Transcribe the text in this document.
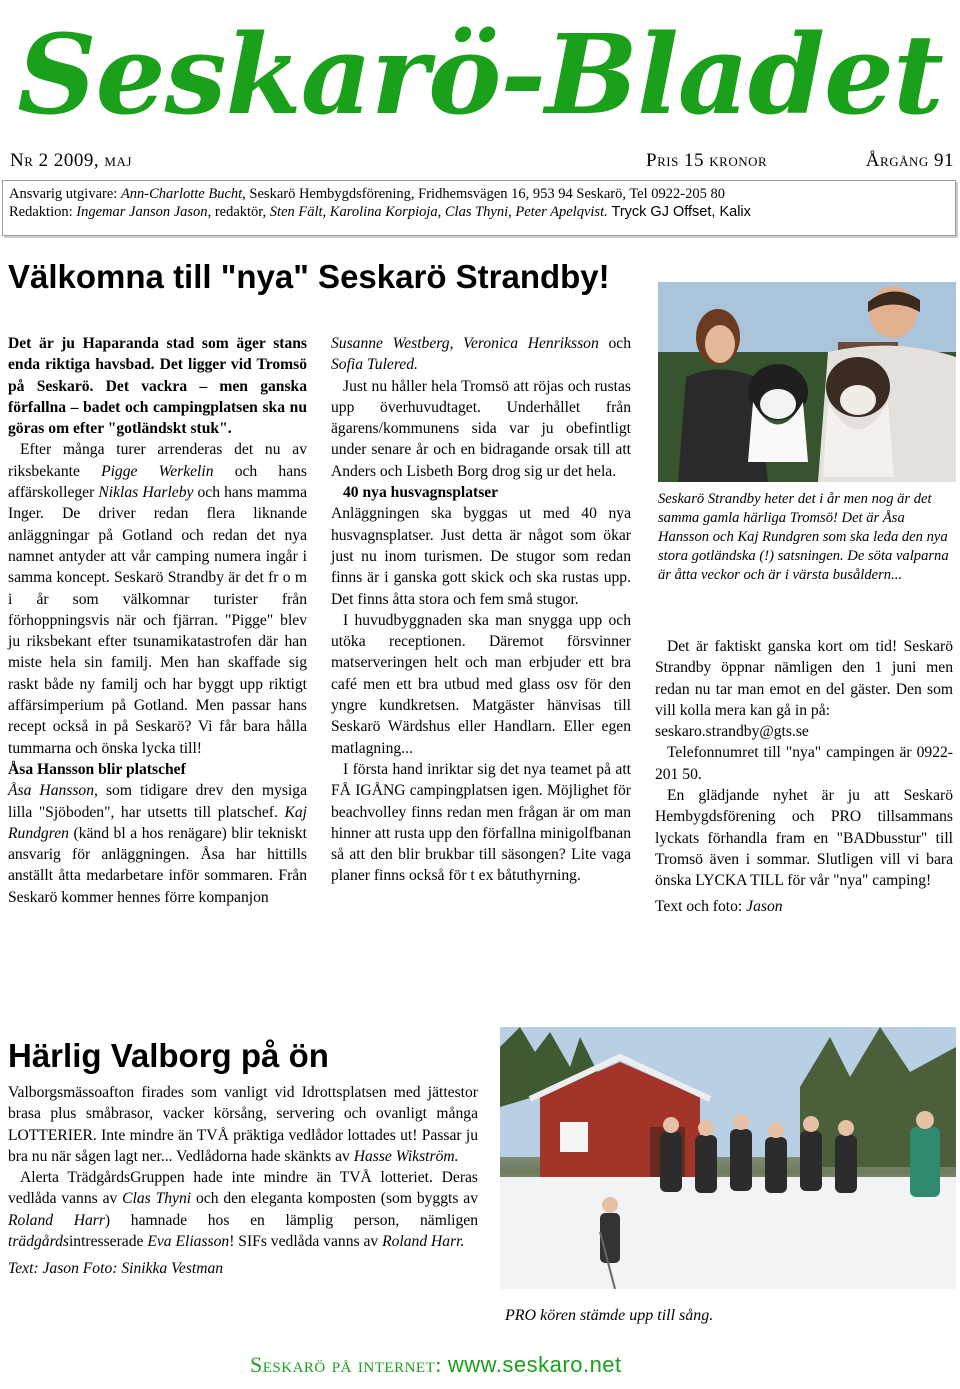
Seskarö-Bladet
Nr 2 2009, maj	Pris 15 kronor	Årgång 91
Ansvarig utgivare: Ann-Charlotte Bucht, Seskarö Hembygdsförening, Fridhemsvägen 16, 953 94 Seskarö, Tel 0922-205 80
Redaktion: Ingemar Janson Jason, redaktör, Sten Fält, Karolina Korpioja, Clas Thyni, Peter Apelqvist. Tryck GJ Offset, Kalix
Välkomna till "nya" Seskarö Strandby!

Det är ju Haparanda stad som äger stans enda riktiga havsbad. Det ligger vid Tromsö på Seskarö. Det vackra – men ganska förfallna – badet och campingplatsen ska nu göras om efter "gotländskt stuk".

Efter många turer arrenderas det nu av riksbekante Pigge Werkelin och hans affärskolleger Niklas Harleby och hans mamma Inger. De driver redan flera liknande anläggningar på Gotland och redan det nya namnet antyder att vår camping numera ingår i samma koncept. Seskarö Strandby är det fr o m i år som välkomnar turister från förhoppningsvis när och fjärran. "Pigge" blev ju riksbekant efter tsunamikatastrofen där han miste hela sin familj. Men han skaffade sig raskt både ny familj och har byggt upp riktigt affärsimperium på Gotland. Men passar hans recept också in på Seskarö? Vi får bara hålla tummarna och önska lycka till!

Åsa Hansson blir platschef

Åsa Hansson, som tidigare drev den mysiga lilla "Sjöboden", har utsetts till platschef. Kaj Rundgren (känd bl a hos renägare) blir tekniskt ansvarig för anläggningen. Åsa har hittills anställt åtta medarbetare inför sommaren. Från Seskarö kommer hennes förre kompanjon

Susanne Westberg, Veronica Henriksson och Sofia Tulered.

Just nu håller hela Tromsö att röjas och rustas upp överhuvudtaget. Underhållet från ägarens/kommunens sida var ju obefintligt under senare år och en bidragande orsak till att Anders och Lisbeth Borg drog sig ur det hela.

40 nya husvagnsplatser

Anläggningen ska byggas ut med 40 nya husvagnsplatser. Just detta är något som ökar just nu inom turismen. De stugor som redan finns är i ganska gott skick och ska rustas upp. Det finns åtta stora och fem små stugor.

I huvudbyggnaden ska man snygga upp och utöka receptionen. Däremot försvinner matserveringen helt och man erbjuder ett bra café men ett bra utbud med glass osv för den yngre kundkretsen. Matgäster hänvisas till Seskarö Wärdshus eller Handlarn. Eller egen matlagning...

I första hand inriktar sig det nya teamet på att FÅ IGÅNG campingplatsen igen. Möjlighet för beachvolley finns redan men frågan är om man hinner att rusta upp den förfallna minigolfbanan så att den blir brukbar till säsongen? Lite vaga planer finns också för t ex båtuthyrning.

Seskarö Strandby heter det i år men nog är det samma gamla härliga Tromsö! Det är Åsa Hansson och Kaj Rundgren som ska leda den nya stora gotländska (!) satsningen. De söta valparna är åtta veckor och är i värsta busåldern...

Det är faktiskt ganska kort om tid! Seskarö Strandby öppnar nämligen den 1 juni men redan nu tar man emot en del gäster. Den som vill kolla mera kan gå in på:

seskaro.strandby@gts.se

Telefonnumret till "nya" campingen är 0922-201 50.

En glädjande nyhet är ju att Seskarö Hembygdsförening och PRO tillsammans lyckats förhandla fram en "BADbusstur" till Tromsö även i sommar. Slutligen vill vi bara önska LYCKA TILL för vår "nya" camping!

Text och foto: Jason

Härlig Valborg på ön

Valborgsmässoafton firades som vanligt vid Idrottsplatsen med jättestor brasa plus småbrasor, vacker körsång, servering och ovanligt många LOTTERIER. Inte mindre än TVÅ präktiga vedlådor lottades ut! Passar ju bra nu när sågen lagt ner... Vedlådorna hade skänkts av Hasse Wikström.

Alerta TrädgårdsGruppen hade inte mindre än TVÅ lotteriet. Deras vedlåda vanns av Clas Thyni och den eleganta komposten (som byggts av Roland Harr) hamnade hos en lämplig person, nämligen trädgårdsintresserade Eva Eliasson! SIFs vedlåda vanns av Roland Harr.

Text: Jason Foto: Sinikka Vestman

PRO kören stämde upp till sång.
Seskarö på internet: www.seskaro.net
